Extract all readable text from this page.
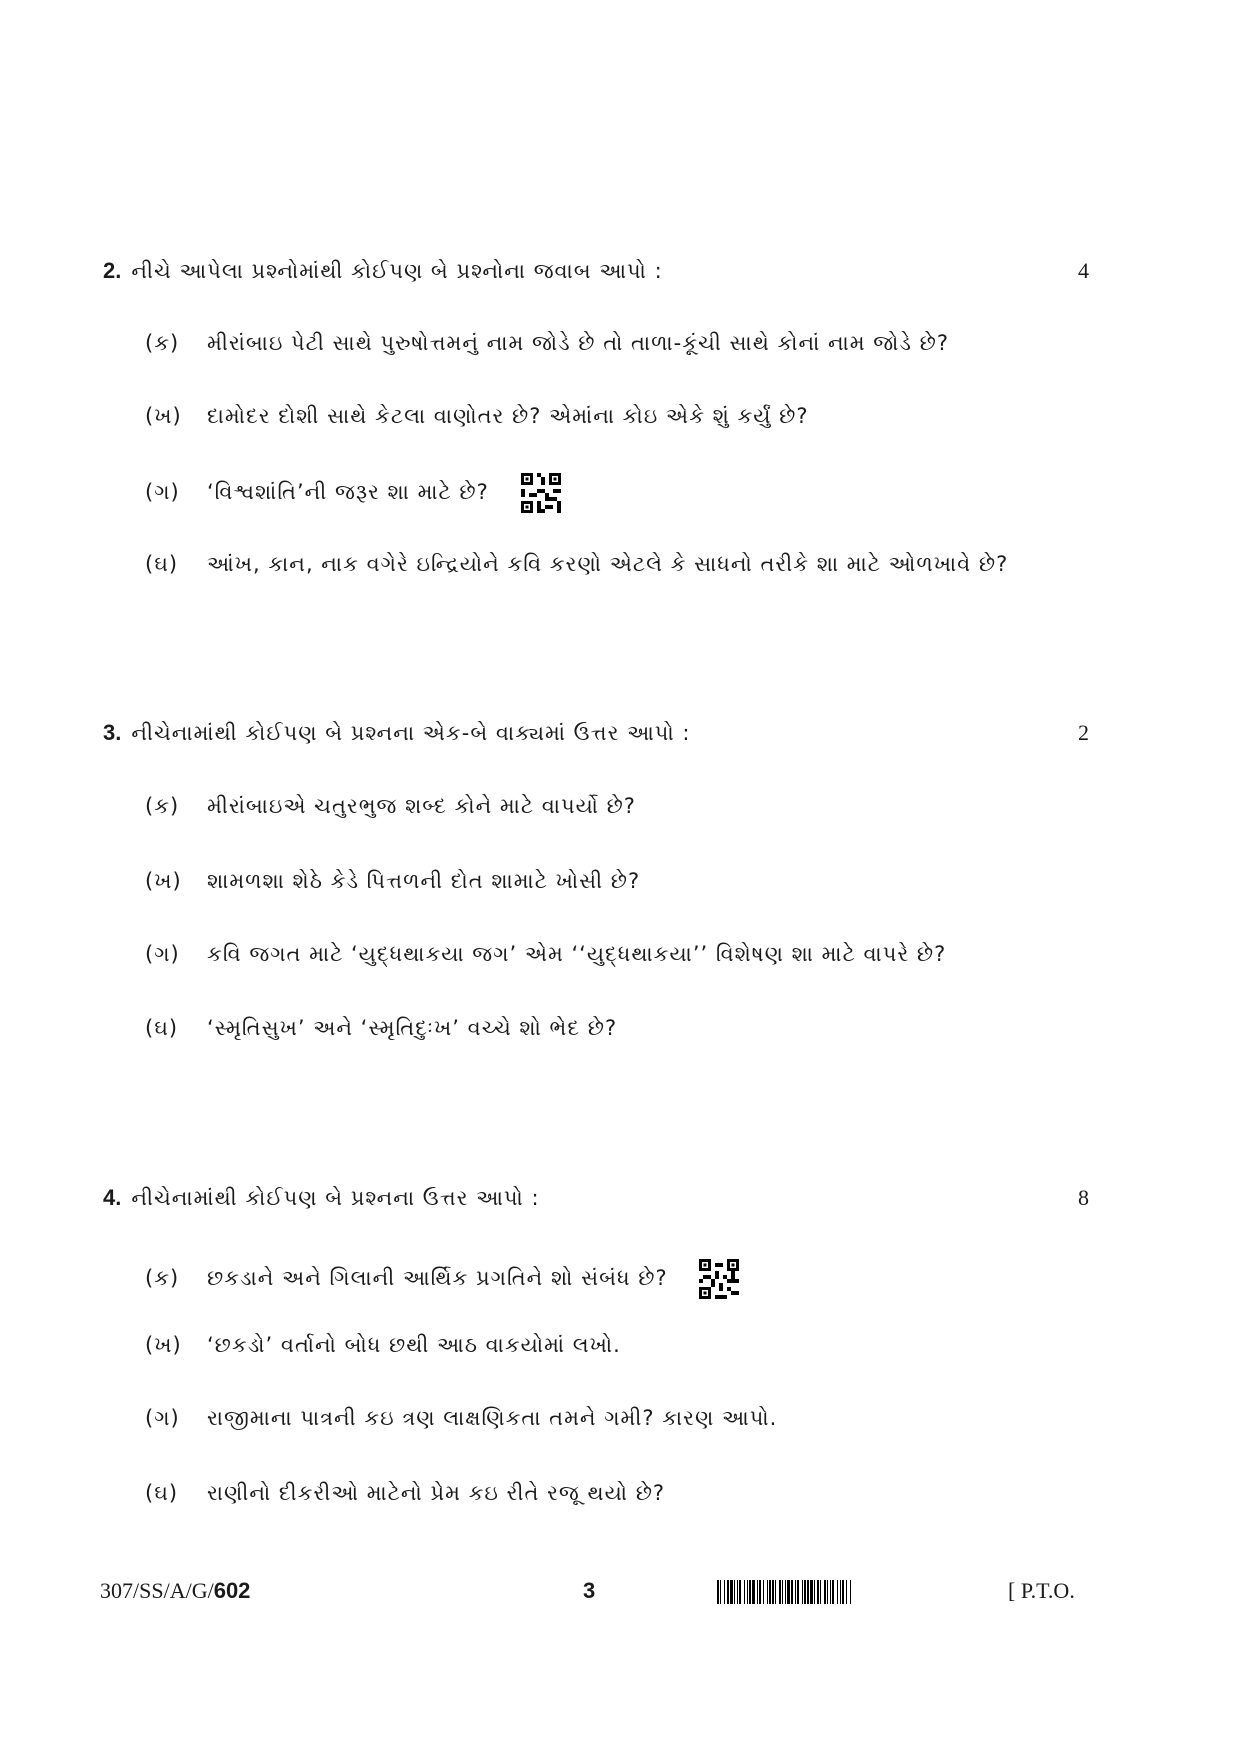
2. નીચે આપેલા પ્રશ્નોમાંથી કોઈપણ બે પ્રશ્નોના જવાબ આપો :	4
(ક) મીરાંબાઇ પેટી સાથે પુરુષોત્તમનું નામ જોડે છે તો તાળા-કૂંચી સાથે કોનાં નામ જોડે છે?
(ખ) દામોદર દોશી સાથે કેટલા વાણોતર છે? એમાંના કોઇ એકે શું કર્યું છે?
(ગ) ‘વિશ્વશાંતિ’ની જરૂર શા માટે છે?
(ઘ) આંખ, કાન, નાક વગેરે ઇન્દ્રિયોને કવિ કરણો એટલે કે સાધનો તરીકે શા માટે ઓળખાવે છે?
3. નીચેનામાંથી કોઈપણ બે પ્રશ્નના એક-બે વાક્યમાં ઉત્તર આપો :	2
(ક) મીરાંબાઇએ ચતુરભુજ શબ્દ કોને માટે વાપર્યો છે?
(ખ) શામળશા શેઠે કેડે પિત્તળની દોત શામાટે ખોસી છે?
(ગ) કવિ જગત માટે ‘યુદ્ધથાકયા જગ’ એમ ‘‘યુદ્ધથાકયા’’ વિશેષણ શા માટે વાપરે છે?
(ઘ) ‘સ્મૃતિસુખ’ અને ‘સ્મૃતિદુઃખ’ વચ્ચે શો ભેદ છે?
4. નીચેનામાંથી કોઈપણ બે પ્રશ્નના ઉત્તર આપો :	8
(ક) છકડાને અને ગિલાની આર્થિક પ્રગતિને શો સંબંધ છે?
(ખ) ‘છકડો’ વર્તાનો બોધ છથી આઠ વાકયોમાં લખો.
(ગ) રાજીમાના પાત્રની કઇ ત્રણ લાક્ષણિકતા તમને ગમી? કારણ આપો.
(ઘ) રાણીનો દીકરીઓ માટેનો પ્રેમ કઇ રીતે રજૂ થયો છે?
307/SS/A/G/602	3	[ P.T.O.
